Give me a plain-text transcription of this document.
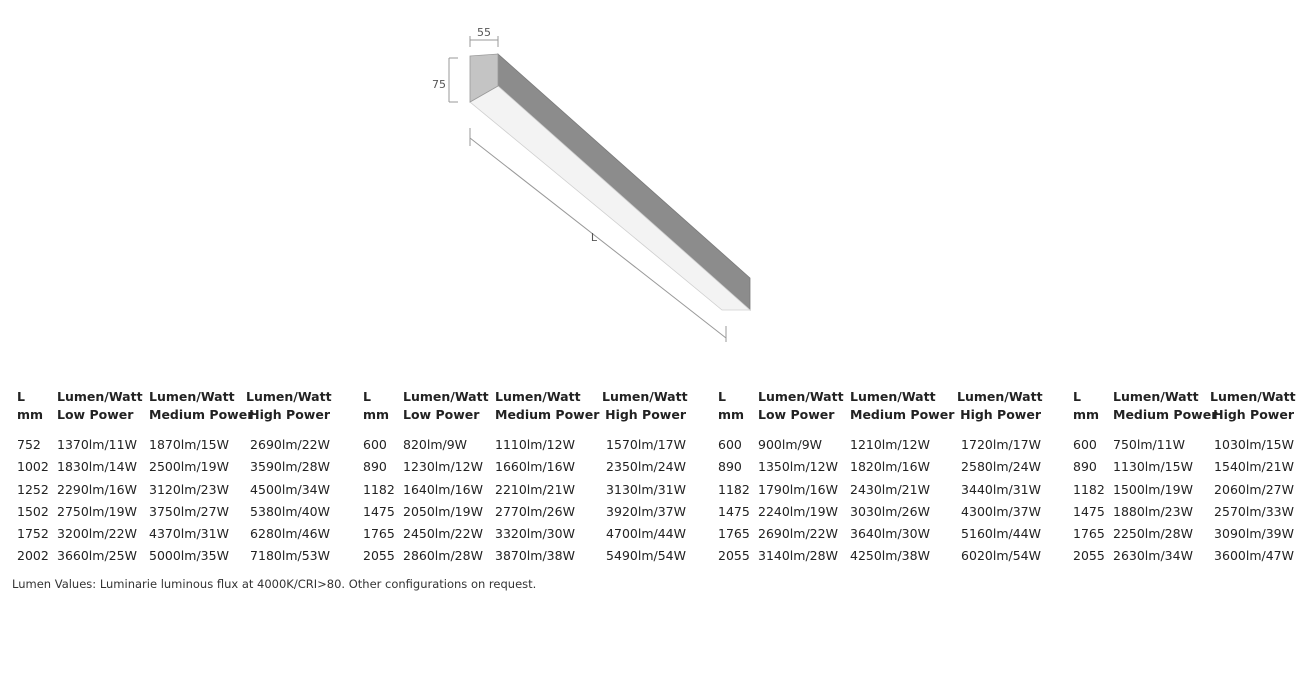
55
75
L
L
mm
Lumen/Watt
Low Power
Lumen/Watt
Medium Power
Lumen/Watt
High Power
752
1002
1252
1502
1752
2002
1370lm/11W
1830lm/14W
2290lm/16W
2750lm/19W
3200lm/22W
3660lm/25W
1870lm/15W
2500lm/19W
3120lm/23W
3750lm/27W
4370lm/31W
5000lm/35W
2690lm/22W
3590lm/28W
4500lm/34W
5380lm/40W
6280lm/46W
7180lm/53W
L
mm
Lumen/Watt
Low Power
Lumen/Watt
Medium Power
Lumen/Watt
High Power
600
890
1182
1475
1765
2055
820lm/9W
1230lm/12W
1640lm/16W
2050lm/19W
2450lm/22W
2860lm/28W
1110lm/12W
1660lm/16W
2210lm/21W
2770lm/26W
3320lm/30W
3870lm/38W
1570lm/17W
2350lm/24W
3130lm/31W
3920lm/37W
4700lm/44W
5490lm/54W
L
mm
Lumen/Watt
Low Power
Lumen/Watt
Medium Power
Lumen/Watt
High Power
600
890
1182
1475
1765
2055
900lm/9W
1350lm/12W
1790lm/16W
2240lm/19W
2690lm/22W
3140lm/28W
1210lm/12W
1820lm/16W
2430lm/21W
3030lm/26W
3640lm/30W
4250lm/38W
1720lm/17W
2580lm/24W
3440lm/31W
4300lm/37W
5160lm/44W
6020lm/54W
L
mm
Lumen/Watt
Medium Power
Lumen/Watt
High Power
600
890
1182
1475
1765
2055
750lm/11W
1130lm/15W
1500lm/19W
1880lm/23W
2250lm/28W
2630lm/34W
1030lm/15W
1540lm/21W
2060lm/27W
2570lm/33W
3090lm/39W
3600lm/47W
Lumen Values: Luminarie luminous flux at 4000K/CRI>80. Other configurations on request.
